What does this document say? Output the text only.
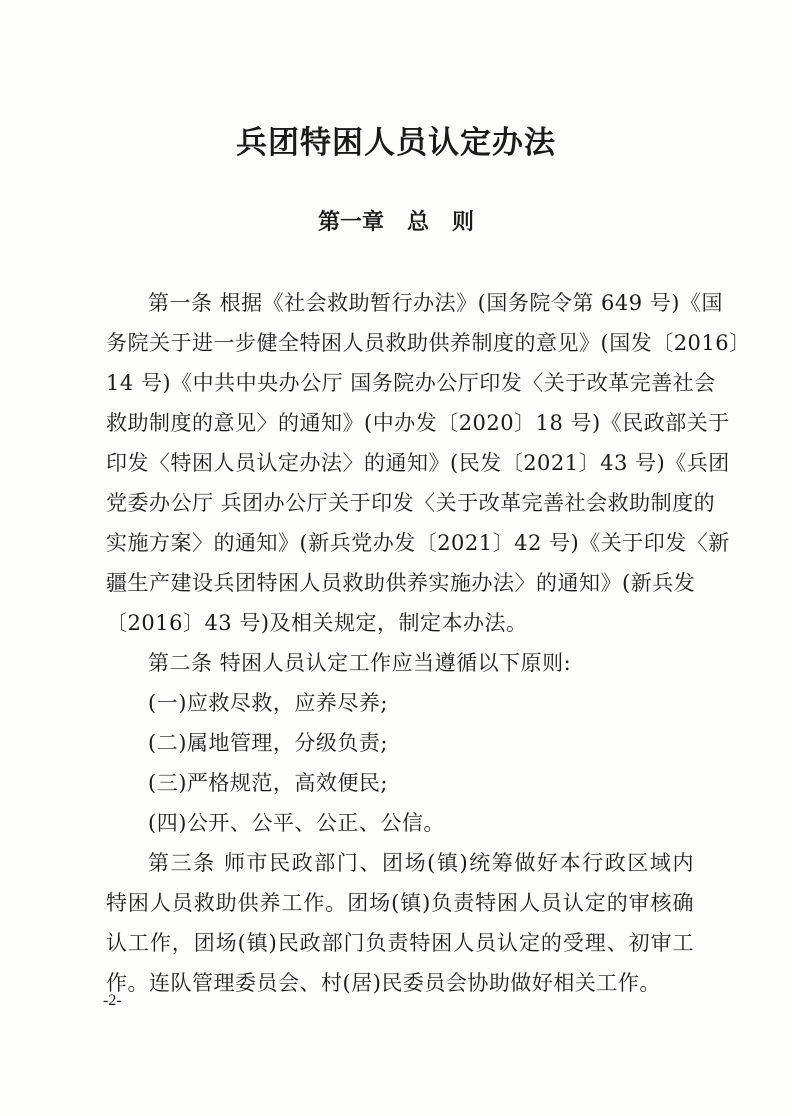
兵团特困人员认定办法
第一章   总   则
第一条 根据《社会救助暂行办法》(国务院令第 649 号)《国
务院关于进一步健全特困人员救助供养制度的意见》(国发〔2016〕
14 号)《中共中央办公厅 国务院办公厅印发〈关于改革完善社会
救助制度的意见〉的通知》(中办发〔2020〕18 号)《民政部关于
印发〈特困人员认定办法〉的通知》(民发〔2021〕43 号)《兵团
党委办公厅 兵团办公厅关于印发〈关于改革完善社会救助制度的
实施方案〉的通知》(新兵党办发〔2021〕42 号)《关于印发〈新
疆生产建设兵团特困人员救助供养实施办法〉的通知》(新兵发
〔2016〕43 号)及相关规定，制定本办法。
第二条 特困人员认定工作应当遵循以下原则:
(一)应救尽救，应养尽养;
(二)属地管理，分级负责;
(三)严格规范，高效便民;
(四)公开、公平、公正、公信。
第三条 师市民政部门、团场(镇)统筹做好本行政区域内
特困人员救助供养工作。团场(镇)负责特困人员认定的审核确
认工作，团场(镇)民政部门负责特困人员认定的受理、初审工
作。连队管理委员会、村(居)民委员会协助做好相关工作。
-2-
